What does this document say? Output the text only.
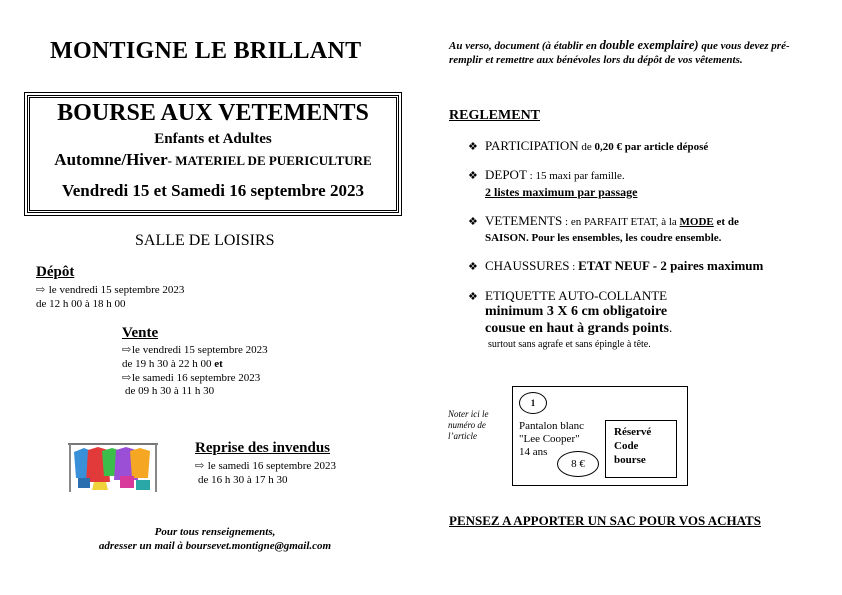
MONTIGNE LE BRILLANT
BOURSE AUX VETEMENTS
Enfants et Adultes
Automne/Hiver- MATERIEL DE PUERICULTURE
Vendredi 15 et Samedi 16 septembre 2023
SALLE DE LOISIRS
Dépôt
⇨ le vendredi 15 septembre 2023
de 12 h 00 à 18 h 00
Vente
⇨le vendredi 15 septembre 2023
de 19 h 30 à 22 h 00 et
⇨le samedi 16 septembre 2023
de 09 h 30 à 11 h 30
Reprise des invendus
⇨ le samedi 16 septembre 2023
de 16 h 30 à 17 h 30
Pour tous renseignements,
adresser un mail à boursevet.montigne@gmail.com
Au verso, document (à établir en double exemplaire) que vous devez pré-remplir et remettre aux bénévoles lors du dépôt de vos vêtements.
REGLEMENT
❖ PARTICIPATION de 0,20 € par article déposé
❖ DEPOT : 15 maxi par famille.
2 listes maximum par passage
❖ VETEMENTS : en PARFAIT ETAT, à la MODE et de
SAISON. Pour les ensembles, les coudre ensemble.
❖ CHAUSSURES : ETAT NEUF - 2 paires maximum
❖ ETIQUETTE AUTO-COLLANTE
minimum 3 X 6 cm obligatoire
cousue en haut à grands points.
surtout sans agrafe et sans épingle à tête.
Noter ici le
numéro de
l’article
1
Pantalon blanc
"Lee Cooper"
14 ans
8 €
Réservé
Code
bourse
PENSEZ A APPORTER UN SAC POUR VOS ACHATS
